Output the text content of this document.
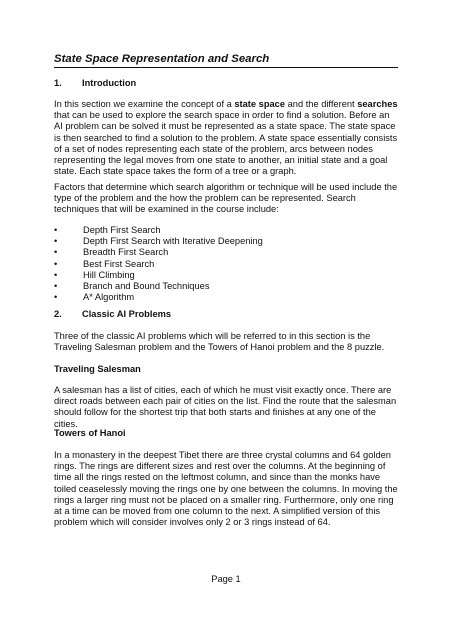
State Space Representation and Search
1. Introduction

In this section we examine the concept of a state space and the different searches that can be used to explore the search space in order to find a solution. Before an AI problem can be solved it must be represented as a state space. The state space is then searched to find a solution to the problem. A state space essentially consists of a set of nodes representing each state of the problem, arcs between nodes representing the legal moves from one state to another, an initial state and a goal state. Each state space takes the form of a tree or a graph.

Factors that determine which search algorithm or technique will be used include the type of the problem and the how the problem can be represented. Search techniques that will be examined in the course include:
•	Depth First Search
•	Depth First Search with Iterative Deepening
•	Breadth First Search
•	Best First Search
•	Hill Climbing
•	Branch and Bound Techniques
•	A* Algorithm
2. Classic AI Problems
Three of the classic AI problems which will be referred to in this section is the Traveling Salesman problem and the Towers of Hanoi problem and the 8 puzzle.
Traveling Salesman
A salesman has a list of cities, each of which he must visit exactly once. There are direct roads between each pair of cities on the list. Find the route that the salesman should follow for the shortest trip that both starts and finishes at any one of the cities.
Towers of Hanoi
In a monastery in the deepest Tibet there are three crystal columns and 64 golden rings. The rings are different sizes and rest over the columns. At the beginning of time all the rings rested on the leftmost column, and since than the monks have toiled ceaselessly moving the rings one by one between the columns. In moving the rings a larger ring must not be placed on a smaller ring. Furthermore, only one ring at a time can be moved from one column to the next. A simplified version of this problem which will consider involves only 2 or 3 rings instead of 64.
Page 1
